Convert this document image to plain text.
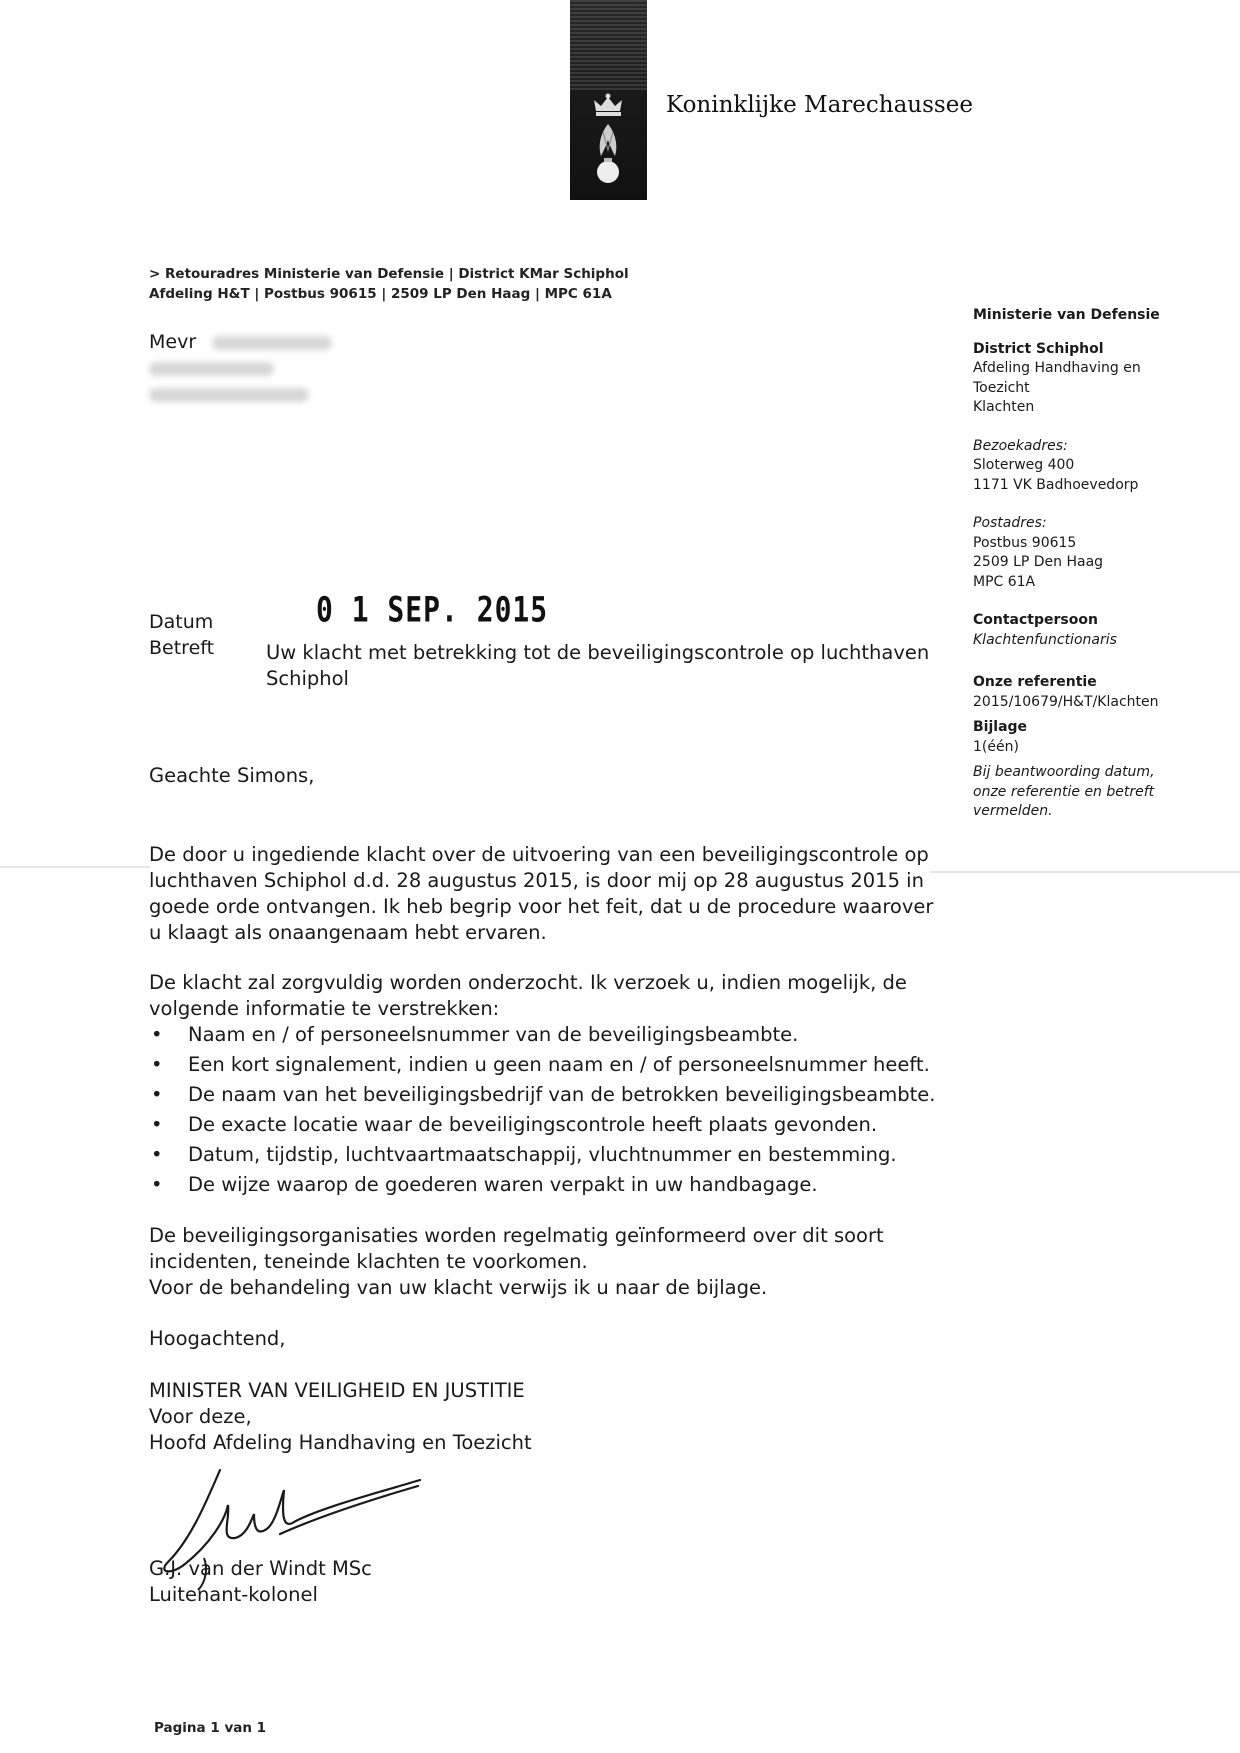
Koninklijke Marechaussee
> Retouradres Ministerie van Defensie | District KMar Schiphol
Afdeling H&T | Postbus 90615 | 2509 LP Den Haag | MPC 61A
Mevr
Ministerie van Defensie
District Schiphol
Afdeling Handhaving en
Toezicht
Klachten
Bezoekadres:
Sloterweg 400
1171 VK Badhoevedorp
Postadres:
Postbus 90615
2509 LP Den Haag
MPC 61A
Contactpersoon
Klachtenfunctionaris
Onze referentie
2015/10679/H&T/Klachten
Bijlage
1(één)
Bij beantwoording datum,
onze referentie en betreft
vermelden.
Datum	0 1 SEP. 2015
Betreft	Uw klacht met betrekking tot de beveiligingscontrole op luchthaven
Schiphol
Geachte Simons,
De door u ingediende klacht over de uitvoering van een beveiligingscontrole op
luchthaven Schiphol d.d. 28 augustus 2015, is door mij op 28 augustus 2015 in
goede orde ontvangen. Ik heb begrip voor het feit, dat u de procedure waarover
u klaagt als onaangenaam hebt ervaren.
De klacht zal zorgvuldig worden onderzocht. Ik verzoek u, indien mogelijk, de
volgende informatie te verstrekken:
• Naam en / of personeelsnummer van de beveiligingsbeambte.
• Een kort signalement, indien u geen naam en / of personeelsnummer heeft.
• De naam van het beveiligingsbedrijf van de betrokken beveiligingsbeambte.
• De exacte locatie waar de beveiligingscontrole heeft plaats gevonden.
• Datum, tijdstip, luchtvaartmaatschappij, vluchtnummer en bestemming.
• De wijze waarop de goederen waren verpakt in uw handbagage.
De beveiligingsorganisaties worden regelmatig geïnformeerd over dit soort
incidenten, teneinde klachten te voorkomen.
Voor de behandeling van uw klacht verwijs ik u naar de bijlage.
Hoogachtend,
MINISTER VAN VEILIGHEID EN JUSTITIE
Voor deze,
Hoofd Afdeling Handhaving en Toezicht
G.J. van der Windt MSc
Luitenant-kolonel
Pagina 1 van 1
